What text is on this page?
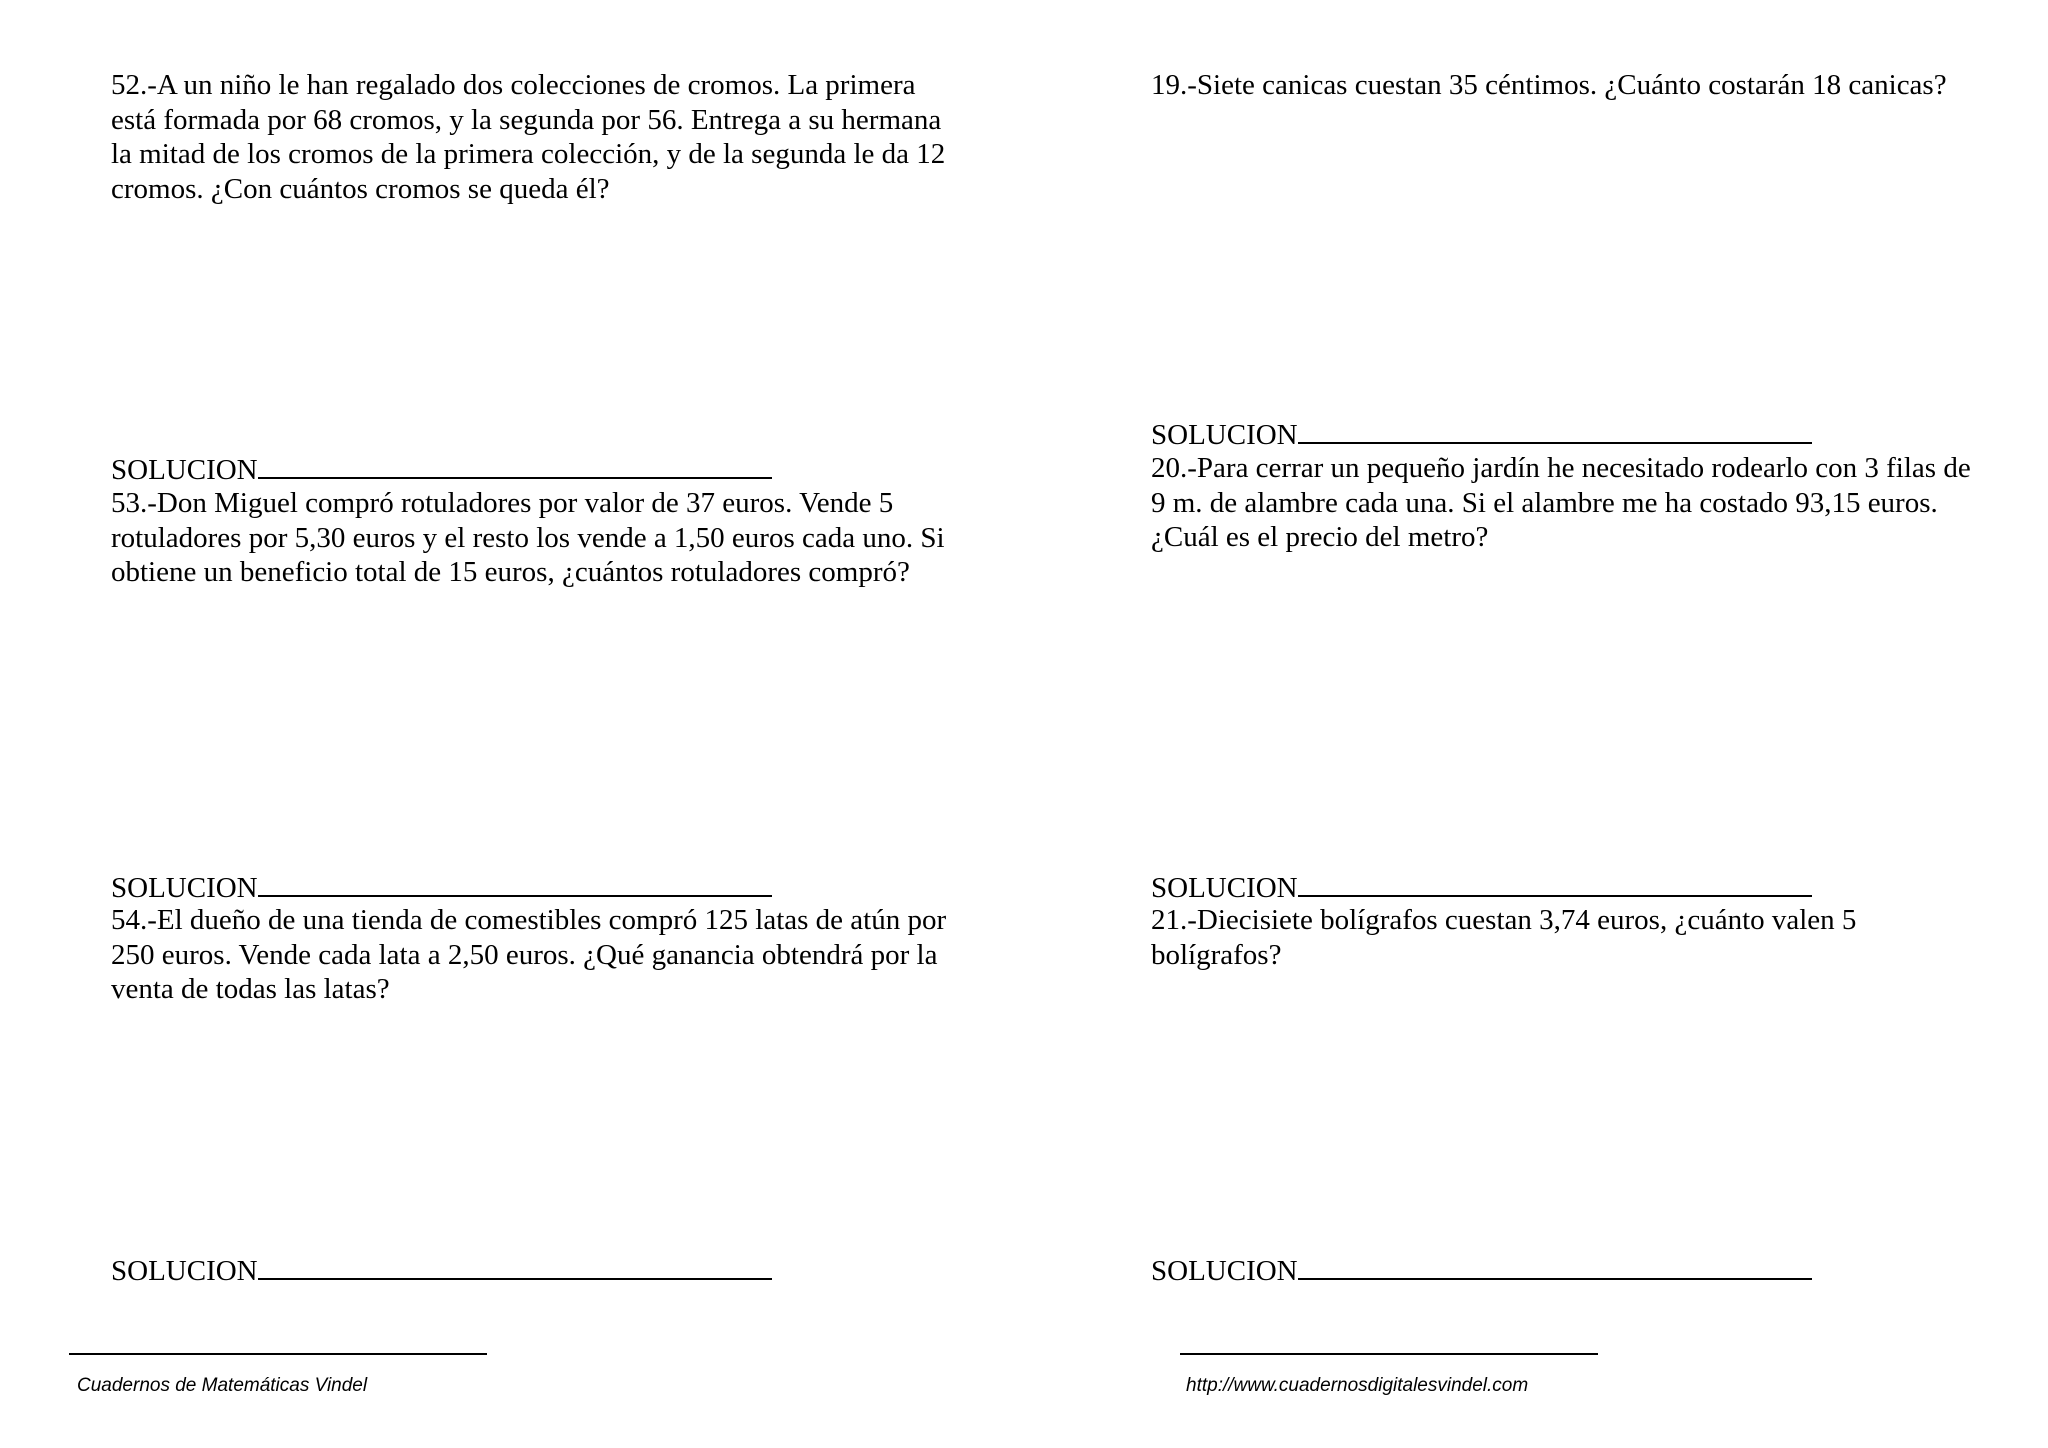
52.-A un niño le han regalado dos colecciones de cromos. La primera está formada por 68 cromos, y la segunda por 56. Entrega a su hermana la mitad de los cromos de la primera colección, y de la segunda le da 12 cromos. ¿Con cuántos cromos se queda él?

SOLUCION

53.-Don Miguel compró rotuladores por valor de 37 euros. Vende 5 rotuladores por 5,30 euros y el resto los vende a 1,50 euros cada uno. Si obtiene un beneficio total de 15 euros, ¿cuántos rotuladores compró?

SOLUCION

54.-El dueño de una tienda de comestibles compró 125 latas de atún por 250 euros. Vende cada lata a 2,50 euros. ¿Qué ganancia obtendrá por la venta de todas las latas?

SOLUCION

19.-Siete canicas cuestan 35 céntimos. ¿Cuánto costarán 18 canicas?

SOLUCION

20.-Para cerrar un pequeño jardín he necesitado rodearlo con 3 filas de 9 m. de alambre cada una. Si el alambre me ha costado 93,15 euros. ¿Cuál es el precio del metro?

SOLUCION

21.-Diecisiete bolígrafos cuestan 3,74 euros, ¿cuánto valen 5 bolígrafos?

SOLUCION
Cuadernos de Matemáticas Vindel	http://www.cuadernosdigitalesvindel.com
